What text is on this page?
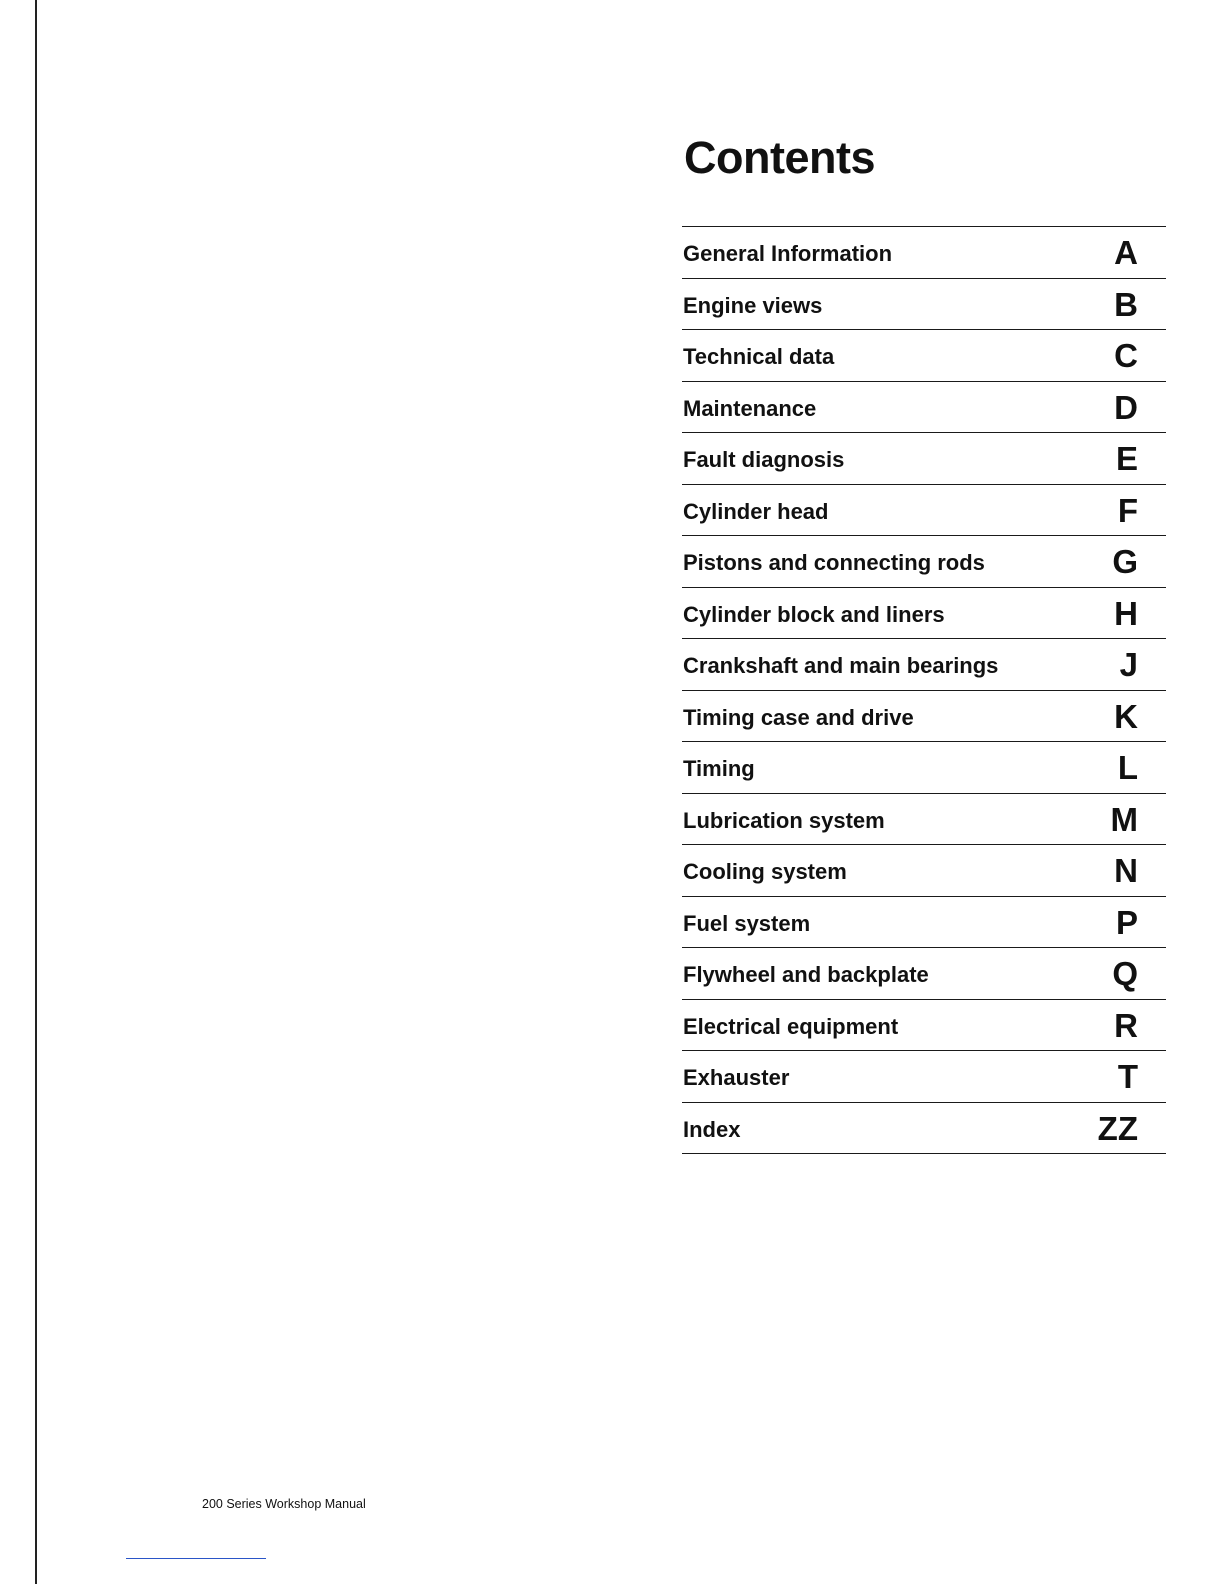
Contents
General Information	A
Engine views	B
Technical data	C
Maintenance	D
Fault diagnosis	E
Cylinder head	F
Pistons and connecting rods	G
Cylinder block and liners	H
Crankshaft and main bearings	J
Timing case and drive	K
Timing	L
Lubrication system	M
Cooling system	N
Fuel system	P
Flywheel and backplate	Q
Electrical equipment	R
Exhauster	T
Index	ZZ
200 Series Workshop Manual
